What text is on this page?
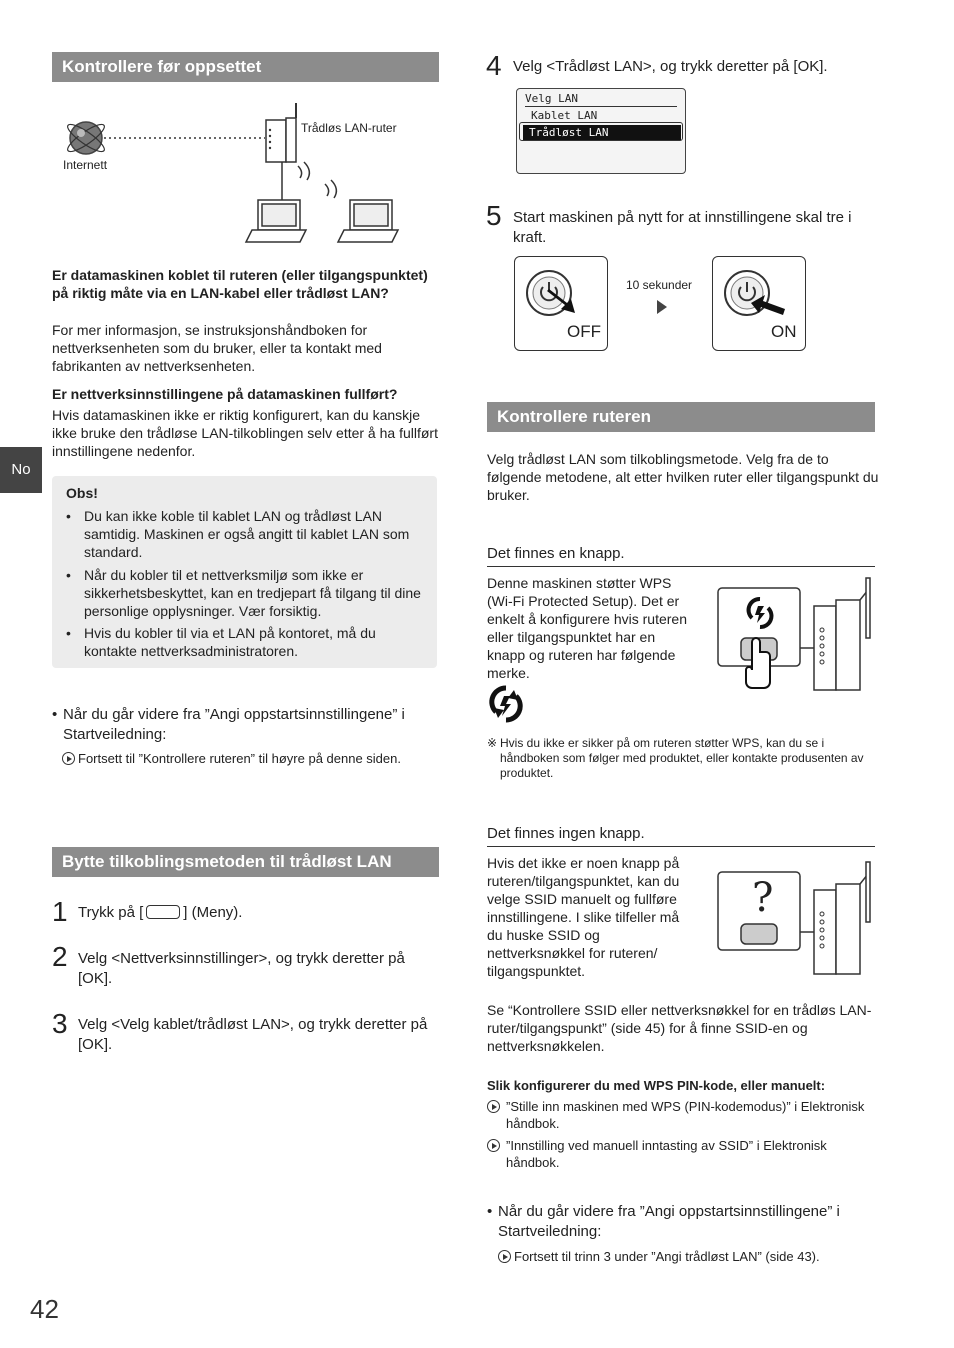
No
42
Kontrollere før oppsettet
Internett
Trådløs LAN-ruter
Er datamaskinen koblet til ruteren (eller tilgangspunktet) på riktig måte via en LAN-kabel eller trådløst LAN?
For mer informasjon, se instruksjonshåndboken for nettverksenheten som du bruker, eller ta kontakt med fabrikanten av nettverksenheten.
Er nettverksinnstillingene på datamaskinen fullført?
Hvis datamaskinen ikke er riktig konfigurert, kan du kanskje ikke bruke den trådløse LAN-tilkoblingen selv etter å ha fullført innstillingene nedenfor.
Obs!
• Du kan ikke koble til kablet LAN og trådløst LAN samtidig. Maskinen er også angitt til kablet LAN som standard.
• Når du kobler til et nettverksmiljø som ikke er sikkerhetsbeskyttet, kan en tredjepart få tilgang til dine personlige opplysninger. Vær forsiktig.
• Hvis du kobler til via et LAN på kontoret, må du kontakte nettverksadministratoren.
• Når du går videre fra ”Angi oppstartsinnstillingene” i Startveiledning:
Fortsett til ”Kontrollere ruteren” til høyre på denne siden.
Bytte tilkoblingsmetoden til trådløst LAN
1 Trykk på [	] (Meny).
2 Velg <Nettverksinnstillinger>, og trykk deretter på [OK].
3 Velg <Velg kablet/trådløst LAN>, og trykk deretter på [OK].
4 Velg <Trådløst LAN>, og trykk deretter på [OK].
Velg LAN
Kablet LAN
Trådløst LAN
5 Start maskinen på nytt for at innstillingene skal tre i kraft.
OFF
10 sekunder
ON
Kontrollere ruteren
Velg trådløst LAN som tilkoblingsmetode. Velg fra de to følgende metodene, alt etter hvilken ruter eller tilgangspunkt du bruker.
Det finnes en knapp.
Denne maskinen støtter WPS (Wi-Fi Protected Setup). Det er enkelt å konfigurere hvis ruteren eller tilgangspunktet har en knapp og ruteren har følgende merke.
※ Hvis du ikke er sikker på om ruteren støtter WPS, kan du se i håndboken som følger med produktet, eller kontakte produsenten av produktet.
Det finnes ingen knapp.
Hvis det ikke er noen knapp på ruteren/tilgangspunktet, kan du velge SSID manuelt og fullføre innstillingene. I slike tilfeller må du huske SSID og nettverksnøkkel for ruteren/ tilgangspunktet.
?
Se “Kontrollere SSID eller nettverksnøkkel for en trådløs LAN-ruter/tilgangspunkt” (side 45) for å finne SSID-en og nettverksnøkkelen.
Slik konfigurerer du med WPS PIN-kode, eller manuelt:
”Stille inn maskinen med WPS (PIN-kodemodus)” i Elektronisk håndbok.
”Innstilling ved manuell inntasting av SSID” i Elektronisk håndbok.
• Når du går videre fra ”Angi oppstartsinnstillingene” i Startveiledning:
Fortsett til trinn 3 under ”Angi trådløst LAN” (side 43).
